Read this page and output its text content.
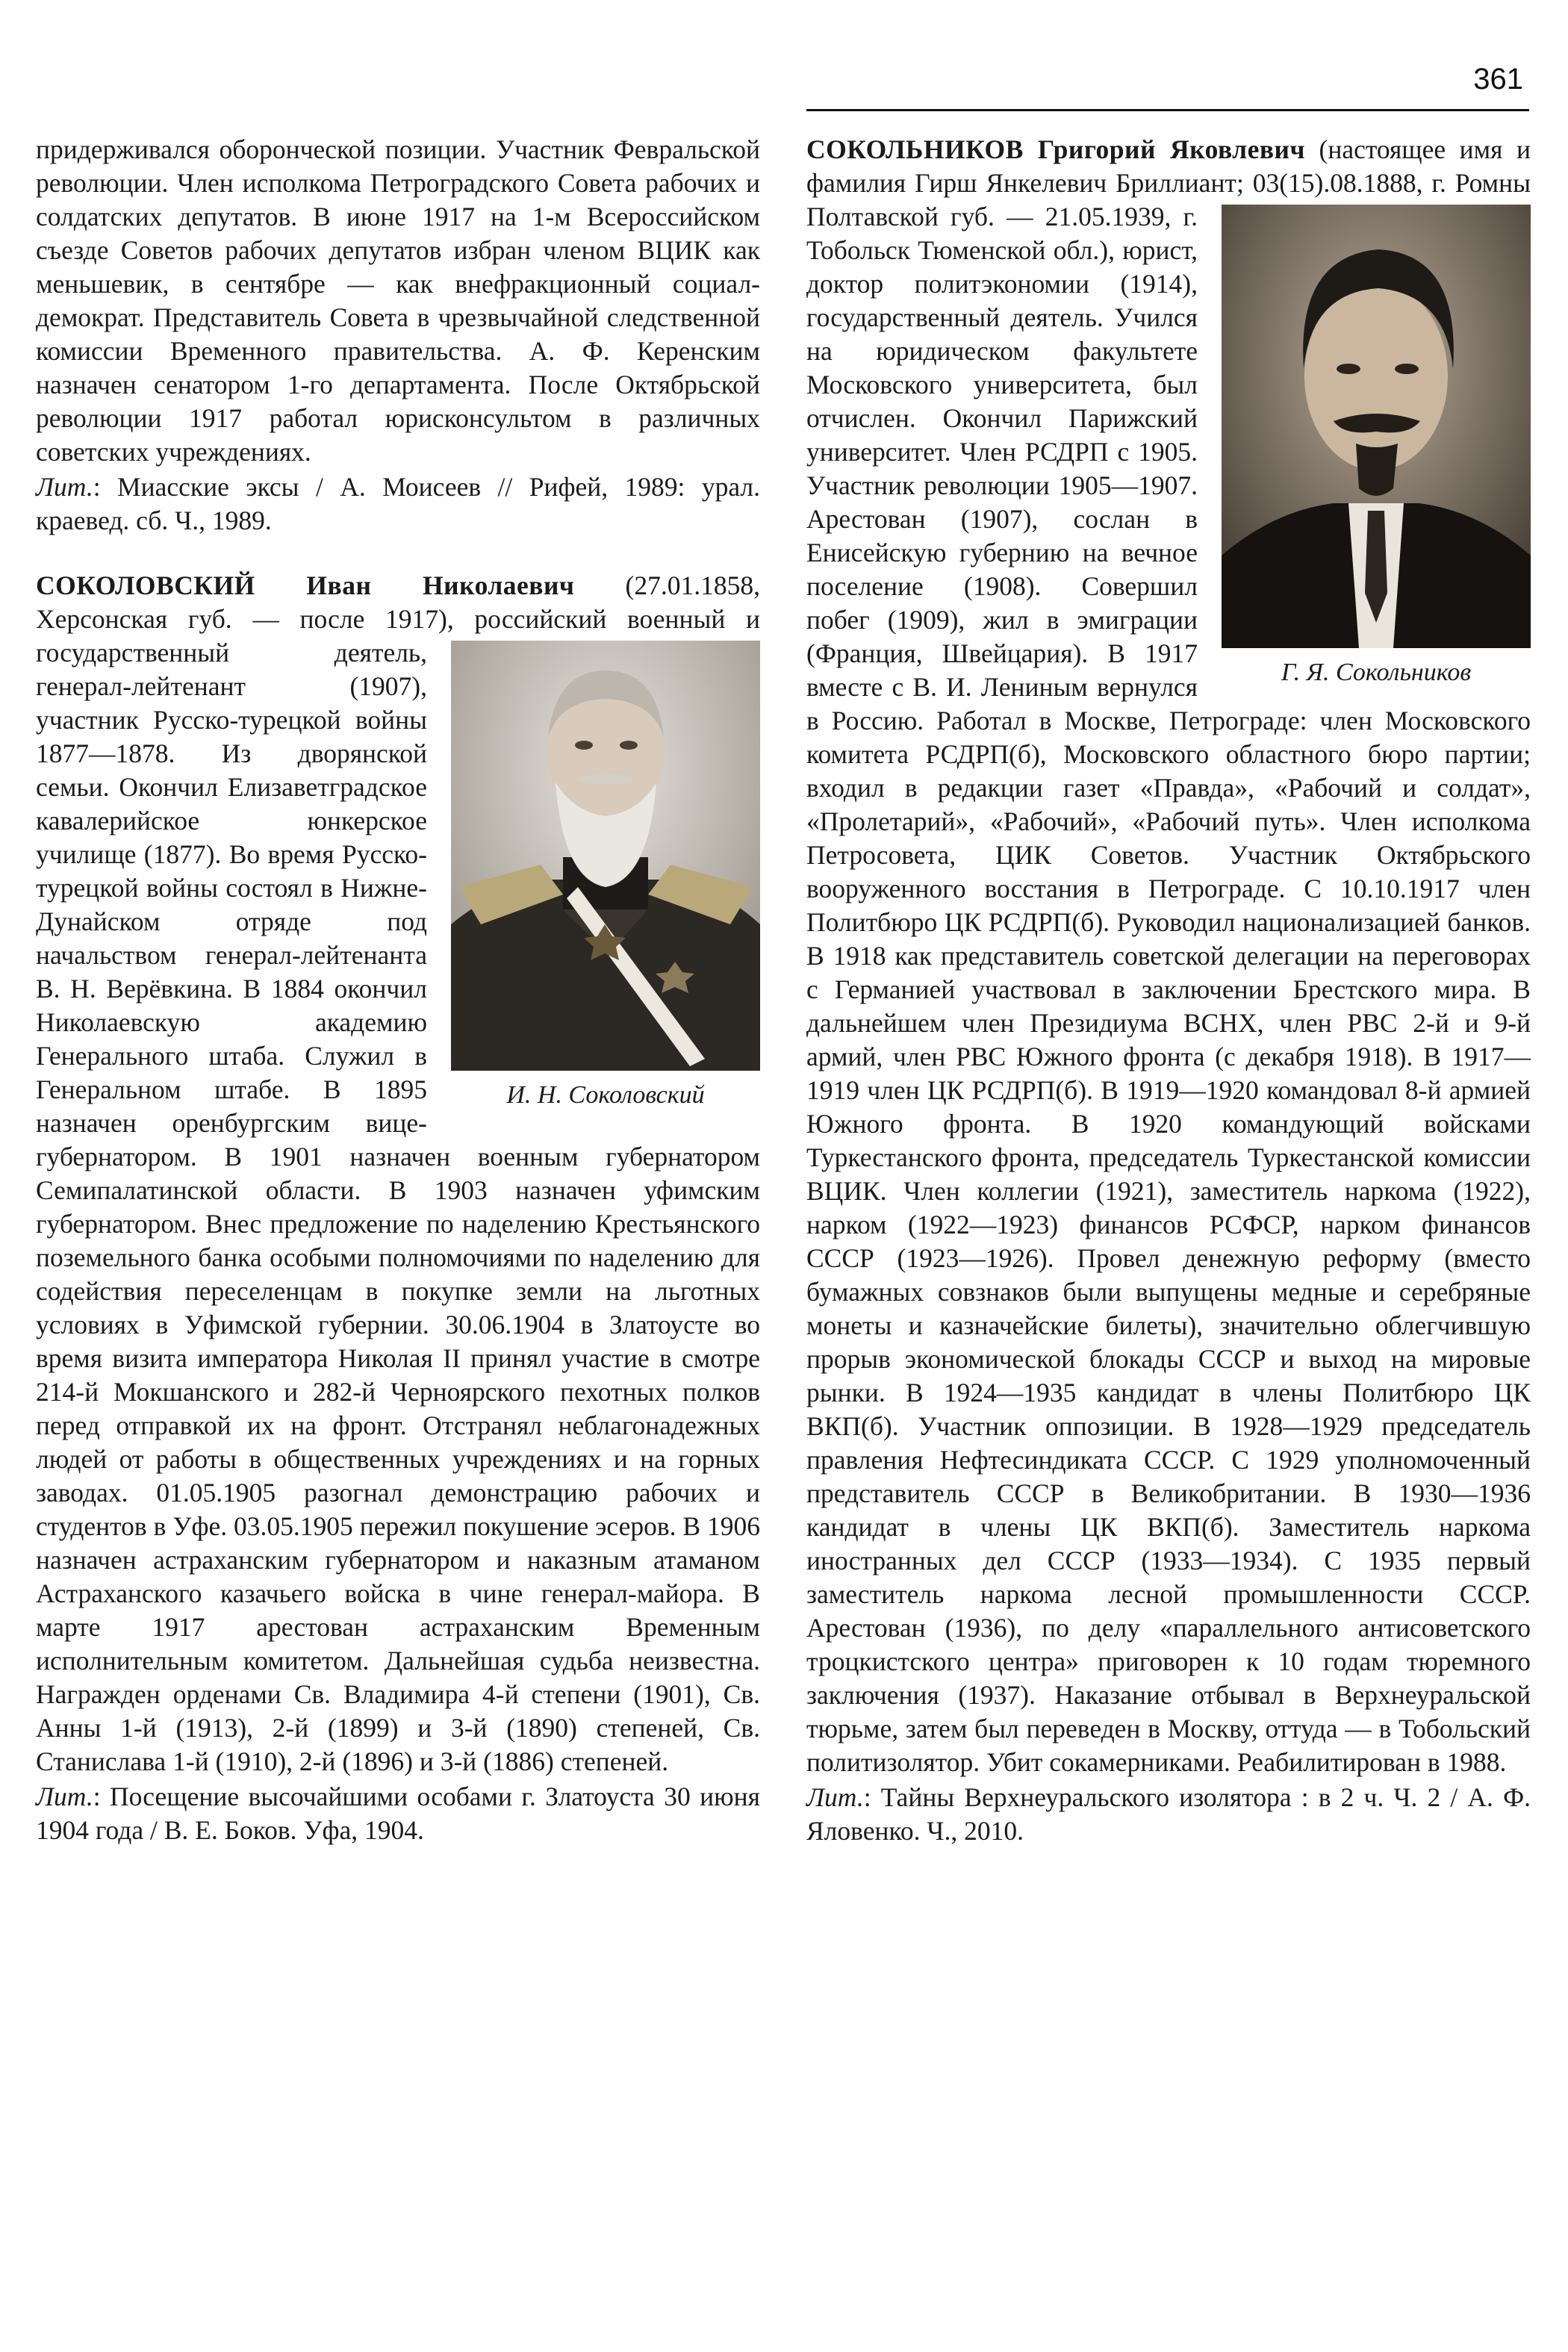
361

придерживался оборончеcкой позиции. Участник Февральской революции. Член исполкома Петроградского Совета рабочих и солдатских депутатов. В июне 1917 на 1-м Всероссийском съезде Советов рабочих депутатов избран членом ВЦИК как меньшевик, в сентябре — как внефракционный социал-демократ. Представитель Совета в чрезвычайной следственной комиссии Временного правительства. А. Ф. Керенским назначен сенатором 1-го департамента. После Октябрьской революции 1917 работал юрисконсультом в различных советских учреждениях.

Лит.: Миасские эксы / А. Моисеев // Рифей, 1989: урал. краевед. сб. Ч., 1989.

СОКОЛОВСКИЙ Иван Николаевич (27.01.1858, Херсонская губ. — после 1917), российский
И. Н. Соколовский
военный и государственный деятель, генерал-лейтенант (1907), участник Русско-турецкой войны 1877—1878. Из дворянской семьи. Окончил Елизаветградское кавалерийское юнкерское училище (1877). Во время Русско-турецкой войны состоял в Нижне-Дунайском отряде под начальством генерал-лейтенанта В. Н. Верёвкина. В 1884 окончил Николаевскую академию Генерального штаба. Служил в Генеральном штабе. В 1895 назначен оренбургским вице-губернатором. В 1901 назначен военным губернатором Семипалатинской области. В 1903 назначен уфимским губернатором. Внес предложение по наделению Крестьянского поземельного банка особыми полномочиями по наделению для содействия переселенцам в покупке земли на льготных условиях в Уфимской губернии. 30.06.1904 в Златоусте во время визита императора Николая II принял участие в смотре 214-й Мокшанского и 282-й Черноярского пехотных полков перед отправкой их на фронт. Отстранял неблагонадежных людей от работы в общественных учреждениях и на горных заводах. 01.05.1905 разогнал демонстрацию рабочих и студентов в Уфе. 03.05.1905 пережил покушение эсеров. В 1906 назначен астраханским губернатором и наказным атаманом Астраханского казачьего войска в чине генерал-майора. В марте 1917 арестован астраханским Временным исполнительным комитетом. Дальнейшая судьба неизвестна. Награжден орденами Св. Владимира 4-й степени (1901), Св. Анны 1-й (1913), 2-й (1899) и 3-й (1890) степеней, Св. Станислава 1-й (1910), 2-й (1896) и 3-й (1886) степеней.

Лит.: Посещение высочайшими особами г. Златоуста 30 июня 1904 года / В. Е. Боков. Уфа, 1904.

СОКОЛЬНИКОВ Григорий Яковлевич (настоящее имя и фамилия Гирш Янкелевич Бриллиант;
Г. Я. Сокольников
03(15).08.1888, г. Ромны Полтавской губ. — 21.05.1939, г. Тобольск Тюменской обл.), юрист, доктор политэкономии (1914), государственный деятель. Учился на юридическом факультете Московского университета, был отчислен. Окончил Парижский университет. Член РСДРП с 1905. Участник революции 1905—1907. Арестован (1907), сослан в Енисейскую губернию на вечное поселение (1908). Совершил побег (1909), жил в эмиграции (Франция, Швейцария). В 1917 вместе с В. И. Лениным вернулся в Россию. Работал в Москве, Петрограде: член Московского комитета РСДРП(б), Московского областного бюро партии; входил в редакции газет «Правда», «Рабочий и солдат», «Пролетарий», «Рабочий», «Рабочий путь». Член исполкома Петросовета, ЦИК Советов. Участник Октябрьского вооруженного восстания в Петрограде. С 10.10.1917 член Политбюро ЦК РСДРП(б). Руководил национализацией банков. В 1918 как представитель советской делегации на переговорах с Германией участвовал в заключении Брестского мира. В дальнейшем член Президиума ВСНХ, член РВС 2-й и 9-й армий, член РВС Южного фронта (с декабря 1918). В 1917—1919 член ЦК РСДРП(б). В 1919—1920 командовал 8-й армией Южного фронта. В 1920 командующий войсками Туркестанского фронта, председатель Туркестанской комиссии ВЦИК. Член коллегии (1921), заместитель наркома (1922), нарком (1922—1923) финансов РСФСР, нарком финансов СССР (1923—1926). Провел денежную реформу (вместо бумажных совзнаков были выпущены медные и серебряные монеты и казначейские билеты), значительно облегчившую прорыв экономической блокады СССР и выход на мировые рынки. В 1924—1935 кандидат в члены Политбюро ЦК ВКП(б). Участник оппозиции. В 1928—1929 председатель правления Нефтесиндиката СССР. С 1929 уполномоченный представитель СССР в Великобритании. В 1930—1936 кандидат в члены ЦК ВКП(б). Заместитель наркома иностранных дел СССР (1933—1934). С 1935 первый заместитель наркома лесной промышленности СССР. Арестован (1936), по делу «параллельного антисоветского троцкистского центра» приговорен к 10 годам тюремного заключения (1937). Наказание отбывал в Верхнеуральской тюрьме, затем был переведен в Москву, оттуда — в Тобольский политизолятор. Убит сокамерниками. Реабилитирован в 1988.

Лит.: Тайны Верхнеуральского изолятора : в 2 ч. Ч. 2 / А. Ф. Яловенко. Ч., 2010.
